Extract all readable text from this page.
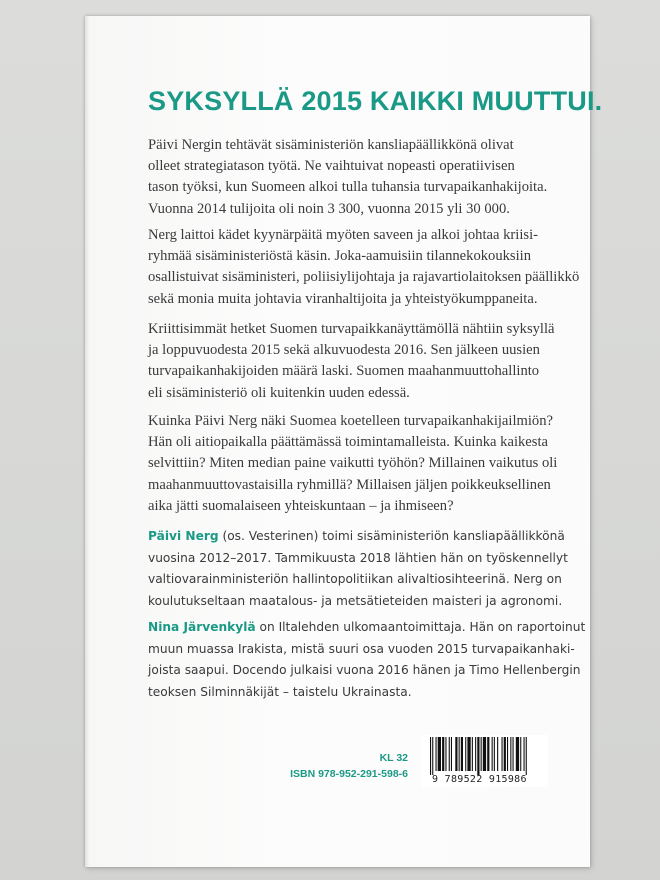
SYKSYLLÄ 2015 KAIKKI MUUTTUI.
Päivi Nergin tehtävät sisäministeriön kansliapäällikkönä olivat
olleet strategiatason työtä. Ne vaihtuivat nopeasti operatiivisen
tason työksi, kun Suomeen alkoi tulla tuhansia turvapaikanhakijoita.
Vuonna 2014 tulijoita oli noin 3 300, vuonna 2015 yli 30 000.
Nerg laittoi kädet kyynärpäitä myöten saveen ja alkoi johtaa kriisi-
ryhmää sisäministeriöstä käsin. Joka-aamuisiin tilannekokouksiin
osallistuivat sisäministeri, poliisiylijohtaja ja rajavartiolaitoksen päällikkö
sekä monia muita johtavia viranhaltijoita ja yhteistyökumppaneita.
Kriittisimmät hetket Suomen turvapaikkanäyttämöllä nähtiin syksyllä
ja loppuvuodesta 2015 sekä alkuvuodesta 2016. Sen jälkeen uusien
turvapaikanhakijoiden määrä laski. Suomen maahanmuuttohallinto
eli sisäministeriö oli kuitenkin uuden edessä.
Kuinka Päivi Nerg näki Suomea koetelleen turvapaikanhakijailmiön?
Hän oli aitiopaikalla päättämässä toimintamalleista. Kuinka kaikesta
selvittiin? Miten median paine vaikutti työhön? Millainen vaikutus oli
maahanmuuttovastaisilla ryhmillä? Millaisen jäljen poikkeuksellinen
aika jätti suomalaiseen yhteiskuntaan – ja ihmiseen?
Päivi Nerg (os. Vesterinen) toimi sisäministeriön kansliapäällikkönä
vuosina 2012–2017. Tammikuusta 2018 lähtien hän on työskennellyt
valtiovarainministeriön hallintopolitiikan alivaltiosihteerinä. Nerg on
koulutukseltaan maatalous- ja metsätieteiden maisteri ja agronomi.
Nina Järvenkylä on Iltalehden ulkomaantoimittaja. Hän on raportoinut
muun muassa Irakista, mistä suuri osa vuoden 2015 turvapaikanhaki-
joista saapui. Docendo julkaisi vuona 2016 hänen ja Timo Hellenbergin
teoksen Silminnäkijät – taistelu Ukrainasta.
KL 32
ISBN 978-952-291-598-6 9 789522 915986
